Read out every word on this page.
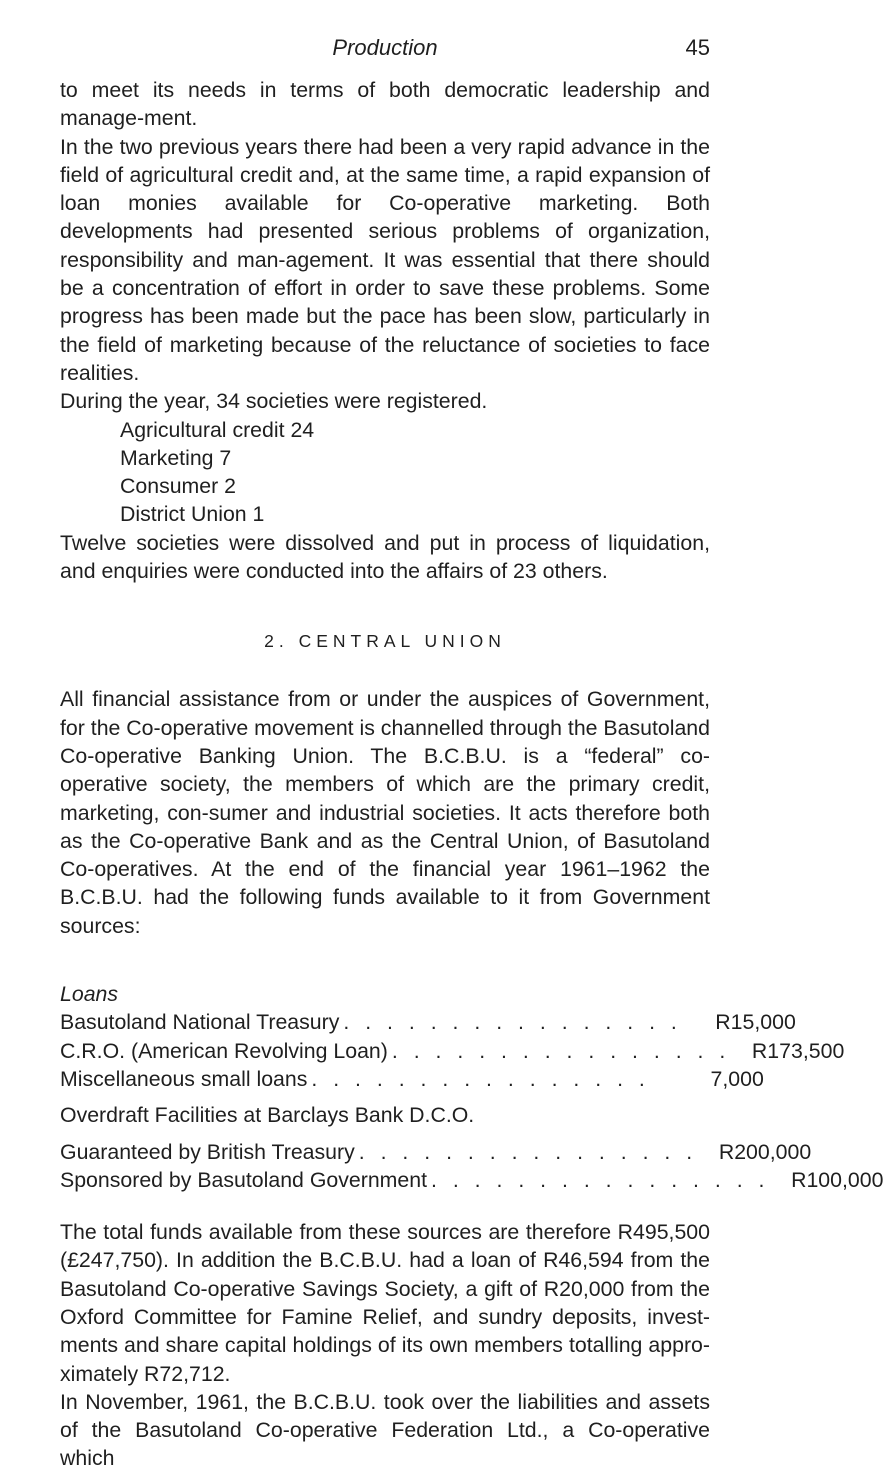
Production	45

to meet its needs in terms of both democratic leadership and manage-ment.

In the two previous years there had been a very rapid advance in the field of agricultural credit and, at the same time, a rapid expansion of loan monies available for Co-operative marketing. Both developments had presented serious problems of organization, responsibility and man-agement. It was essential that there should be a concentration of effort in order to save these problems. Some progress has been made but the pace has been slow, particularly in the field of marketing because of the reluctance of societies to face realities.

During the year, 34 societies were registered.

Agricultural credit 24
Marketing 7
Consumer 2
District Union 1

Twelve societies were dissolved and put in process of liquidation, and enquiries were conducted into the affairs of 23 others.

2. CENTRAL UNION

All financial assistance from or under the auspices of Government, for the Co-operative movement is channelled through the Basutoland Co-operative Banking Union. The B.C.B.U. is a “federal” co-operative society, the members of which are the primary credit, marketing, con-sumer and industrial societies. It acts therefore both as the Co-operative Bank and as the Central Union, of Basutoland Co-operatives. At the end of the financial year 1961–1962 the B.C.B.U. had the following funds available to it from Government sources:

Loans
Basutoland National Treasury . . . . . . . . . . . . . . . .	R15,000
C.R.O. (American Revolving Loan) . . . . . . . . . . . . . . . .	R173,500
Miscellaneous small loans . . . . . . . . . . . . . . . .	7,000
Overdraft Facilities at Barclays Bank D.C.O.
Guaranteed by British Treasury . . . . . . . . . . . . . . . .	R200,000
Sponsored by Basutoland Government . . . . . . . . . . . . . . . .	R100,000

The total funds available from these sources are therefore R495,500 (£247,750). In addition the B.C.B.U. had a loan of R46,594 from the Basutoland Co-operative Savings Society, a gift of R20,000 from the Oxford Committee for Famine Relief, and sundry deposits, invest-ments and share capital holdings of its own members totalling appro-ximately R72,712.

In November, 1961, the B.C.B.U. took over the liabilities and assets of the Basutoland Co-operative Federation Ltd., a Co-operative which
